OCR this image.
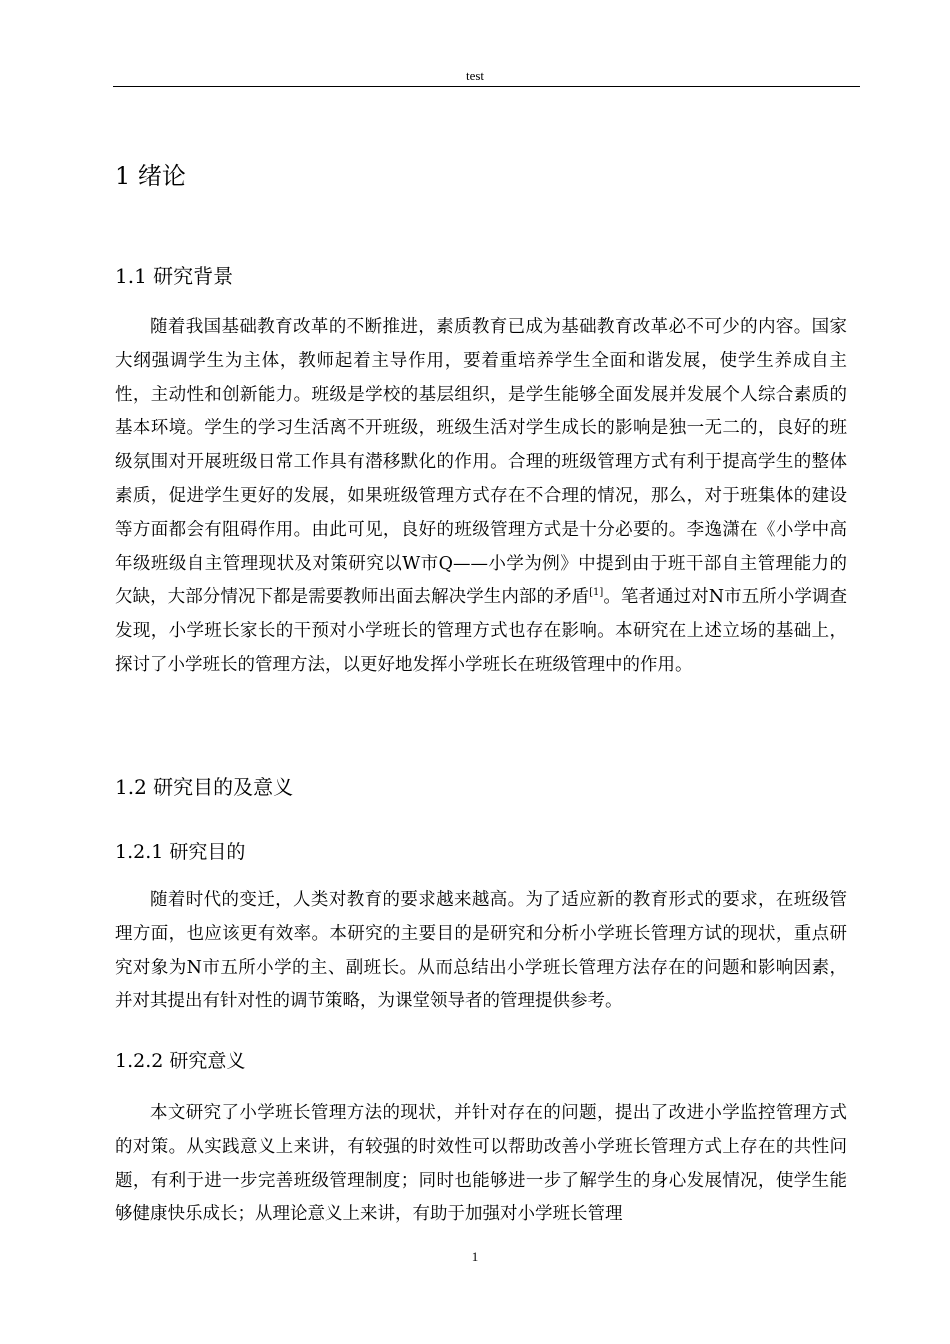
test
1 绪论
1.1 研究背景
随着我国基础教育改革的不断推进，素质教育已成为基础教育改革必不可少的内容。国家大纲强调学生为主体，教师起着主导作用，要着重培养学生全面和谐发展，使学生养成自主性，主动性和创新能力。班级是学校的基层组织，是学生能够全面发展并发展个人综合素质的基本环境。学生的学习生活离不开班级，班级生活对学生成长的影响是独一无二的，良好的班级氛围对开展班级日常工作具有潜移默化的作用。合理的班级管理方式有利于提高学生的整体素质，促进学生更好的发展，如果班级管理方式存在不合理的情况，那么，对于班集体的建设等方面都会有阻碍作用。由此可见，良好的班级管理方式是十分必要的。李逸潇在《小学中高年级班级自主管理现状及对策研究以W市Q——小学为例》中提到由于班干部自主管理能力的欠缺，大部分情况下都是需要教师出面去解决学生内部的矛盾[1]。笔者通过对N市五所小学调查发现，小学班长家长的干预对小学班长的管理方式也存在影响。本研究在上述立场的基础上，探讨了小学班长的管理方法，以更好地发挥小学班长在班级管理中的作用。
1.2 研究目的及意义
1.2.1 研究目的
随着时代的变迁，人类对教育的要求越来越高。为了适应新的教育形式的要求，在班级管理方面，也应该更有效率。本研究的主要目的是研究和分析小学班长管理方试的现状，重点研究对象为N市五所小学的主、副班长。从而总结出小学班长管理方法存在的问题和影响因素，并对其提出有针对性的调节策略，为课堂领导者的管理提供参考。
1.2.2 研究意义
本文研究了小学班长管理方法的现状，并针对存在的问题，提出了改进小学监控管理方式的对策。从实践意义上来讲，有较强的时效性可以帮助改善小学班长管理方式上存在的共性问题，有利于进一步完善班级管理制度；同时也能够进一步了解学生的身心发展情况，使学生能够健康快乐成长；从理论意义上来讲，有助于加强对小学班长管理
1
